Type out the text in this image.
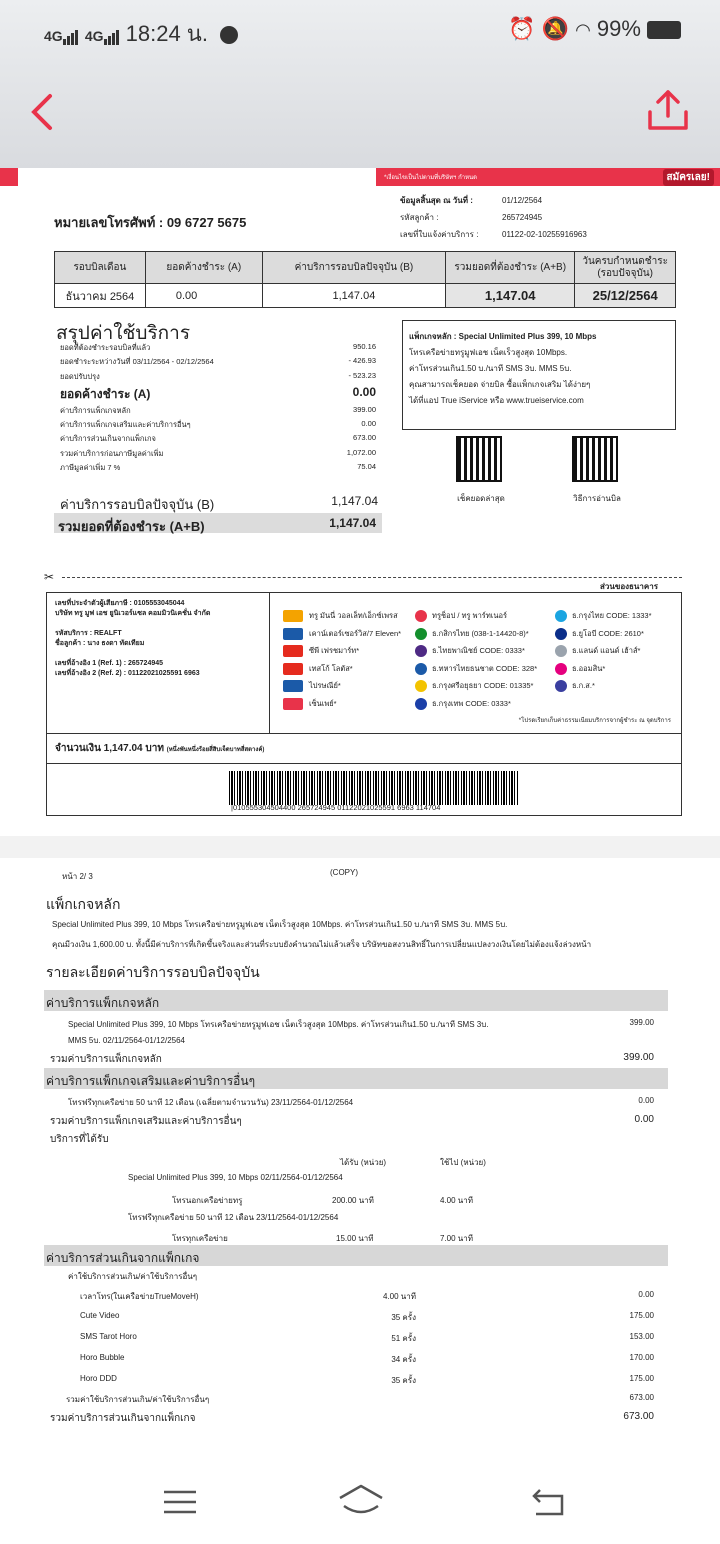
4G 4G 18:24 น.	⏰ 🔕 ◠ 99%
*เงื่อนไขเป็นไปตามที่บริษัทฯ กำหนด	สมัครเลย!
หมายเลขโทรศัพท์ : 09 6727 5675
ข้อมูลสิ้นสุด ณ วันที่ :	01/12/2564
รหัสลูกค้า :	265724945
เลขที่ใบแจ้งค่าบริการ :	01122-02-10255916963
รอบบิลเดือน	ยอดค้างชำระ (A)	ค่าบริการรอบบิลปัจจุบัน (B)	รวมยอดที่ต้องชำระ (A+B)	วันครบกำหนดชำระ (รอบปัจจุบัน)
ธันวาคม 2564	0.00	1,147.04	1,147.04	25/12/2564
สรุปค่าใช้บริการ
ยอดที่ต้องชำระรอบบิลที่แล้ว	950.16
ยอดชำระระหว่างวันที่ 03/11/2564 - 02/12/2564	- 426.93
ยอดปรับปรุง	- 523.23
ยอดค้างชำระ (A)	0.00
ค่าบริการแพ็กเกจหลัก	399.00
ค่าบริการแพ็กเกจเสริมและค่าบริการอื่นๆ	0.00
ค่าบริการส่วนเกินจากแพ็กเกจ	673.00
รวมค่าบริการก่อนภาษีมูลค่าเพิ่ม	1,072.00
ภาษีมูลค่าเพิ่ม 7 %	75.04
ค่าบริการรอบบิลปัจจุบัน (B)	1,147.04
รวมยอดที่ต้องชำระ (A+B)	1,147.04
แพ็กเกจหลัก : Special Unlimited Plus 399, 10 Mbps
โทรเครือข่ายทรูมูฟเอช เน็ตเร็วสูงสุด 10Mbps.
ค่าโทรส่วนเกิน1.50 บ./นาที SMS 3บ. MMS 5บ.
คุณสามารถเช็คยอด จ่ายบิล ซื้อแพ็กเกจเสริม ได้ง่ายๆ
ได้ที่แอป True iService หรือ www.trueiservice.com
เช็คยอดล่าสุด	วิธีการอ่านบิล
✂
ส่วนของธนาคาร
เลขที่ประจำตัวผู้เสียภาษี : 0105553045044
บริษัท ทรู มูฟ เอช ยูนิเวอร์แซล คอมมิวนิเคชั่น จำกัด
รหัสบริการ : REALFT
ชื่อลูกค้า : นาง ธงดา ทัดเทียม
เลขที่อ้างอิง 1 (Ref. 1) : 265724945
เลขที่อ้างอิง 2 (Ref. 2) : 01122021025591 6963
ทรู มันนี่ วอลเล็ท/เอ็กซ์เพรส
เคาน์เตอร์เซอร์วิส/7 Eleven*
ซีพี เฟรชมาร์ท*
เทสโก้ โลตัส*
ไปรษณีย์*
เซ็นเพย์*
ทรูช็อป / ทรู พาร์ทเนอร์
ธ.กสิกรไทย (038-1-14420-8)*
ธ.ไทยพาณิชย์ CODE: 0333*
ธ.ทหารไทยธนชาต CODE: 328*
ธ.กรุงศรีอยุธยา CODE: 01335*
ธ.กรุงเทพ CODE: 0333*
ธ.กรุงไทย CODE: 1333*
ธ.ยูโอบี CODE: 2610*
ธ.แลนด์ แอนด์ เฮ้าส์*
ธ.ออมสิน*
ธ.ก.ส.*
*โปรดเรียกเก็บค่าธรรมเนียมบริการจากผู้ชำระ ณ จุดบริการ
จำนวนเงิน 1,147.04 บาท (หนึ่งพันหนึ่งร้อยสี่สิบเจ็ดบาทสี่สตางค์)
|010555304504400 265724945 01122021025591 6963 114704
หน้า 2/ 3	(COPY)
แพ็กเกจหลัก
Special Unlimited Plus 399, 10 Mbps โทรเครือข่ายทรูมูฟเอช เน็ตเร็วสูงสุด 10Mbps. ค่าโทรส่วนเกิน1.50 บ./นาที SMS 3บ. MMS 5บ.
คุณมีวงเงิน 1,600.00 บ. ทั้งนี้มีค่าบริการที่เกิดขึ้นจริงและส่วนที่ระบบยังคำนวณไม่แล้วเสร็จ บริษัทขอสงวนสิทธิ์ในการเปลี่ยนแปลงวงเงินโดยไม่ต้องแจ้งล่วงหน้า
รายละเอียดค่าบริการรอบบิลปัจจุบัน
ค่าบริการแพ็กเกจหลัก
Special Unlimited Plus 399, 10 Mbps โทรเครือข่ายทรูมูฟเอช เน็ตเร็วสูงสุด 10Mbps. ค่าโทรส่วนเกิน1.50 บ./นาที SMS 3บ.
MMS 5บ. 02/11/2564-01/12/2564
399.00
รวมค่าบริการแพ็กเกจหลัก	399.00
ค่าบริการแพ็กเกจเสริมและค่าบริการอื่นๆ
โทรฟรีทุกเครือข่าย 50 นาที 12 เดือน (เฉลี่ยตามจำนวนวัน) 23/11/2564-01/12/2564	0.00
รวมค่าบริการแพ็กเกจเสริมและค่าบริการอื่นๆ	0.00
บริการที่ได้รับ
ได้รับ (หน่วย)	ใช้ไป (หน่วย)
Special Unlimited Plus 399, 10 Mbps 02/11/2564-01/12/2564
โทรนอกเครือข่ายทรู	200.00 นาที	4.00 นาที
โทรฟรีทุกเครือข่าย 50 นาที 12 เดือน 23/11/2564-01/12/2564
โทรทุกเครือข่าย	15.00 นาที	7.00 นาที
ค่าบริการส่วนเกินจากแพ็กเกจ
ค่าใช้บริการส่วนเกิน/ค่าใช้บริการอื่นๆ
เวลาโทร(ในเครือข่ายTrueMoveH)	4.00 นาที	0.00
Cute Video	35 ครั้ง	175.00
SMS Tarot Horo	51 ครั้ง	153.00
Horo Bubble	34 ครั้ง	170.00
Horo DDD	35 ครั้ง	175.00
รวมค่าใช้บริการส่วนเกิน/ค่าใช้บริการอื่นๆ	673.00
รวมค่าบริการส่วนเกินจากแพ็กเกจ	673.00
